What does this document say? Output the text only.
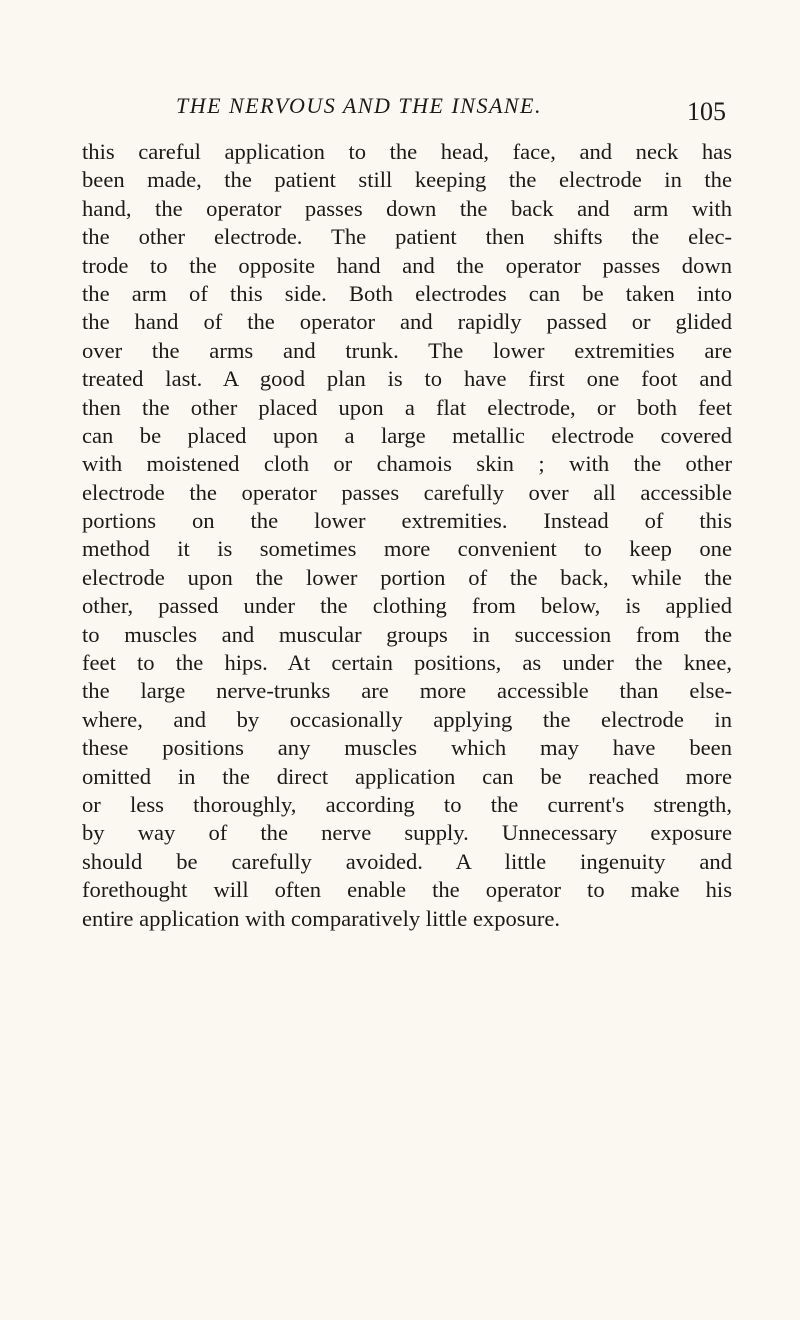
THE NERVOUS AND THE INSANE.	105
this careful application to the head, face, and neck has
been made, the patient still keeping the electrode in the
hand, the operator passes down the back and arm with
the other electrode. The patient then shifts the elec-
trode to the opposite hand and the operator passes down
the arm of this side. Both electrodes can be taken into
the hand of the operator and rapidly passed or glided
over the arms and trunk. The lower extremities are
treated last. A good plan is to have first one foot and
then the other placed upon a flat electrode, or both feet
can be placed upon a large metallic electrode covered
with moistened cloth or chamois skin ; with the other
electrode the operator passes carefully over all accessible
portions on the lower extremities. Instead of this
method it is sometimes more convenient to keep one
electrode upon the lower portion of the back, while the
other, passed under the clothing from below, is applied
to muscles and muscular groups in succession from the
feet to the hips. At certain positions, as under the knee,
the large nerve-trunks are more accessible than else-
where, and by occasionally applying the electrode in
these positions any muscles which may have been
omitted in the direct application can be reached more
or less thoroughly, according to the current's strength,
by way of the nerve supply. Unnecessary exposure
should be carefully avoided. A little ingenuity and
forethought will often enable the operator to make his
entire application with comparatively little exposure.
